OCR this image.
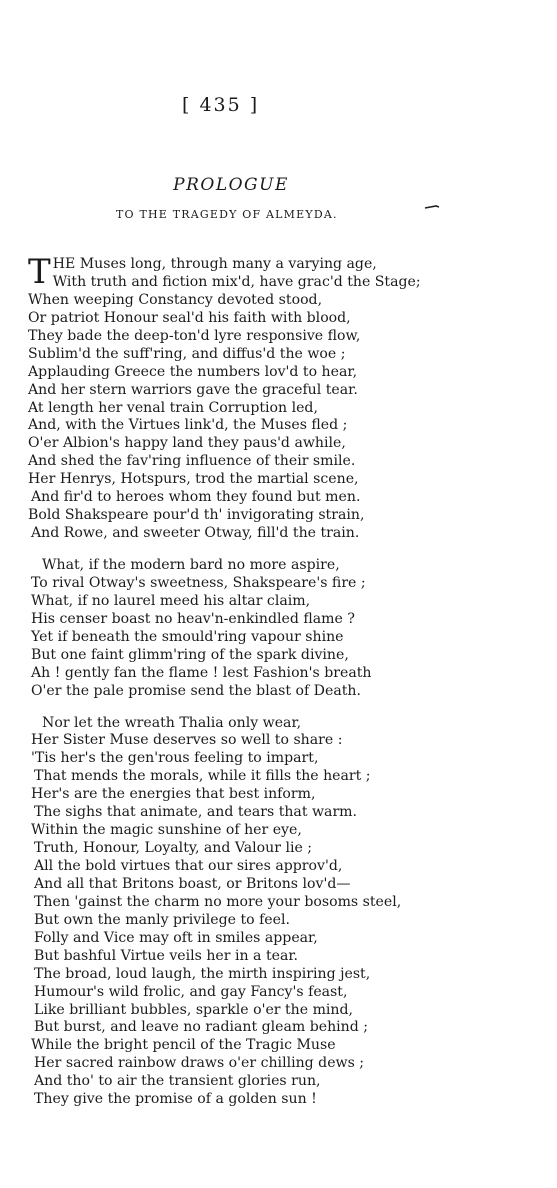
[ 435 ]
PROLOGUE
TO THE TRAGEDY OF ALMEYDA.
T HE Muses long, through many a varying age,
With truth and fiction mix'd, have grac'd the Stage;
When weeping Constancy devoted stood,
Or patriot Honour seal'd his faith with blood,
They bade the deep-ton'd lyre responsive flow,
Sublim'd the suff'ring, and diffus'd the woe ;
Applauding Greece the numbers lov'd to hear,
And her stern warriors gave the graceful tear.
At length her venal train Corruption led,
And, with the Virtues link'd, the Muses fled ;
O'er Albion's happy land they paus'd awhile,
And shed the fav'ring influence of their smile.
Her Henrys, Hotspurs, trod the martial scene,
And fir'd to heroes whom they found but men.
Bold Shakspeare pour'd th' invigorating strain,
And Rowe, and sweeter Otway, fill'd the train.
What, if the modern bard no more aspire,
To rival Otway's sweetness, Shakspeare's fire ;
What, if no laurel meed his altar claim,
His censer boast no heav'n-enkindled flame ?
Yet if beneath the smould'ring vapour shine
But one faint glimm'ring of the spark divine,
Ah ! gently fan the flame ! lest Fashion's breath
O'er the pale promise send the blast of Death.
Nor let the wreath Thalia only wear,
Her Sister Muse deserves so well to share :
'Tis her's the gen'rous feeling to impart,
That mends the morals, while it fills the heart ;
Her's are the energies that best inform,
The sighs that animate, and tears that warm.
Within the magic sunshine of her eye,
Truth, Honour, Loyalty, and Valour lie ;
All the bold virtues that our sires approv'd,
And all that Britons boast, or Britons lov'd—
Then 'gainst the charm no more your bosoms steel,
But own the manly privilege to feel.
Folly and Vice may oft in smiles appear,
But bashful Virtue veils her in a tear.
The broad, loud laugh, the mirth inspiring jest,
Humour's wild frolic, and gay Fancy's feast,
Like brilliant bubbles, sparkle o'er the mind,
But burst, and leave no radiant gleam behind ;
While the bright pencil of the Tragic Muse
Her sacred rainbow draws o'er chilling dews ;
And tho' to air the transient glories run,
They give the promise of a golden sun !
